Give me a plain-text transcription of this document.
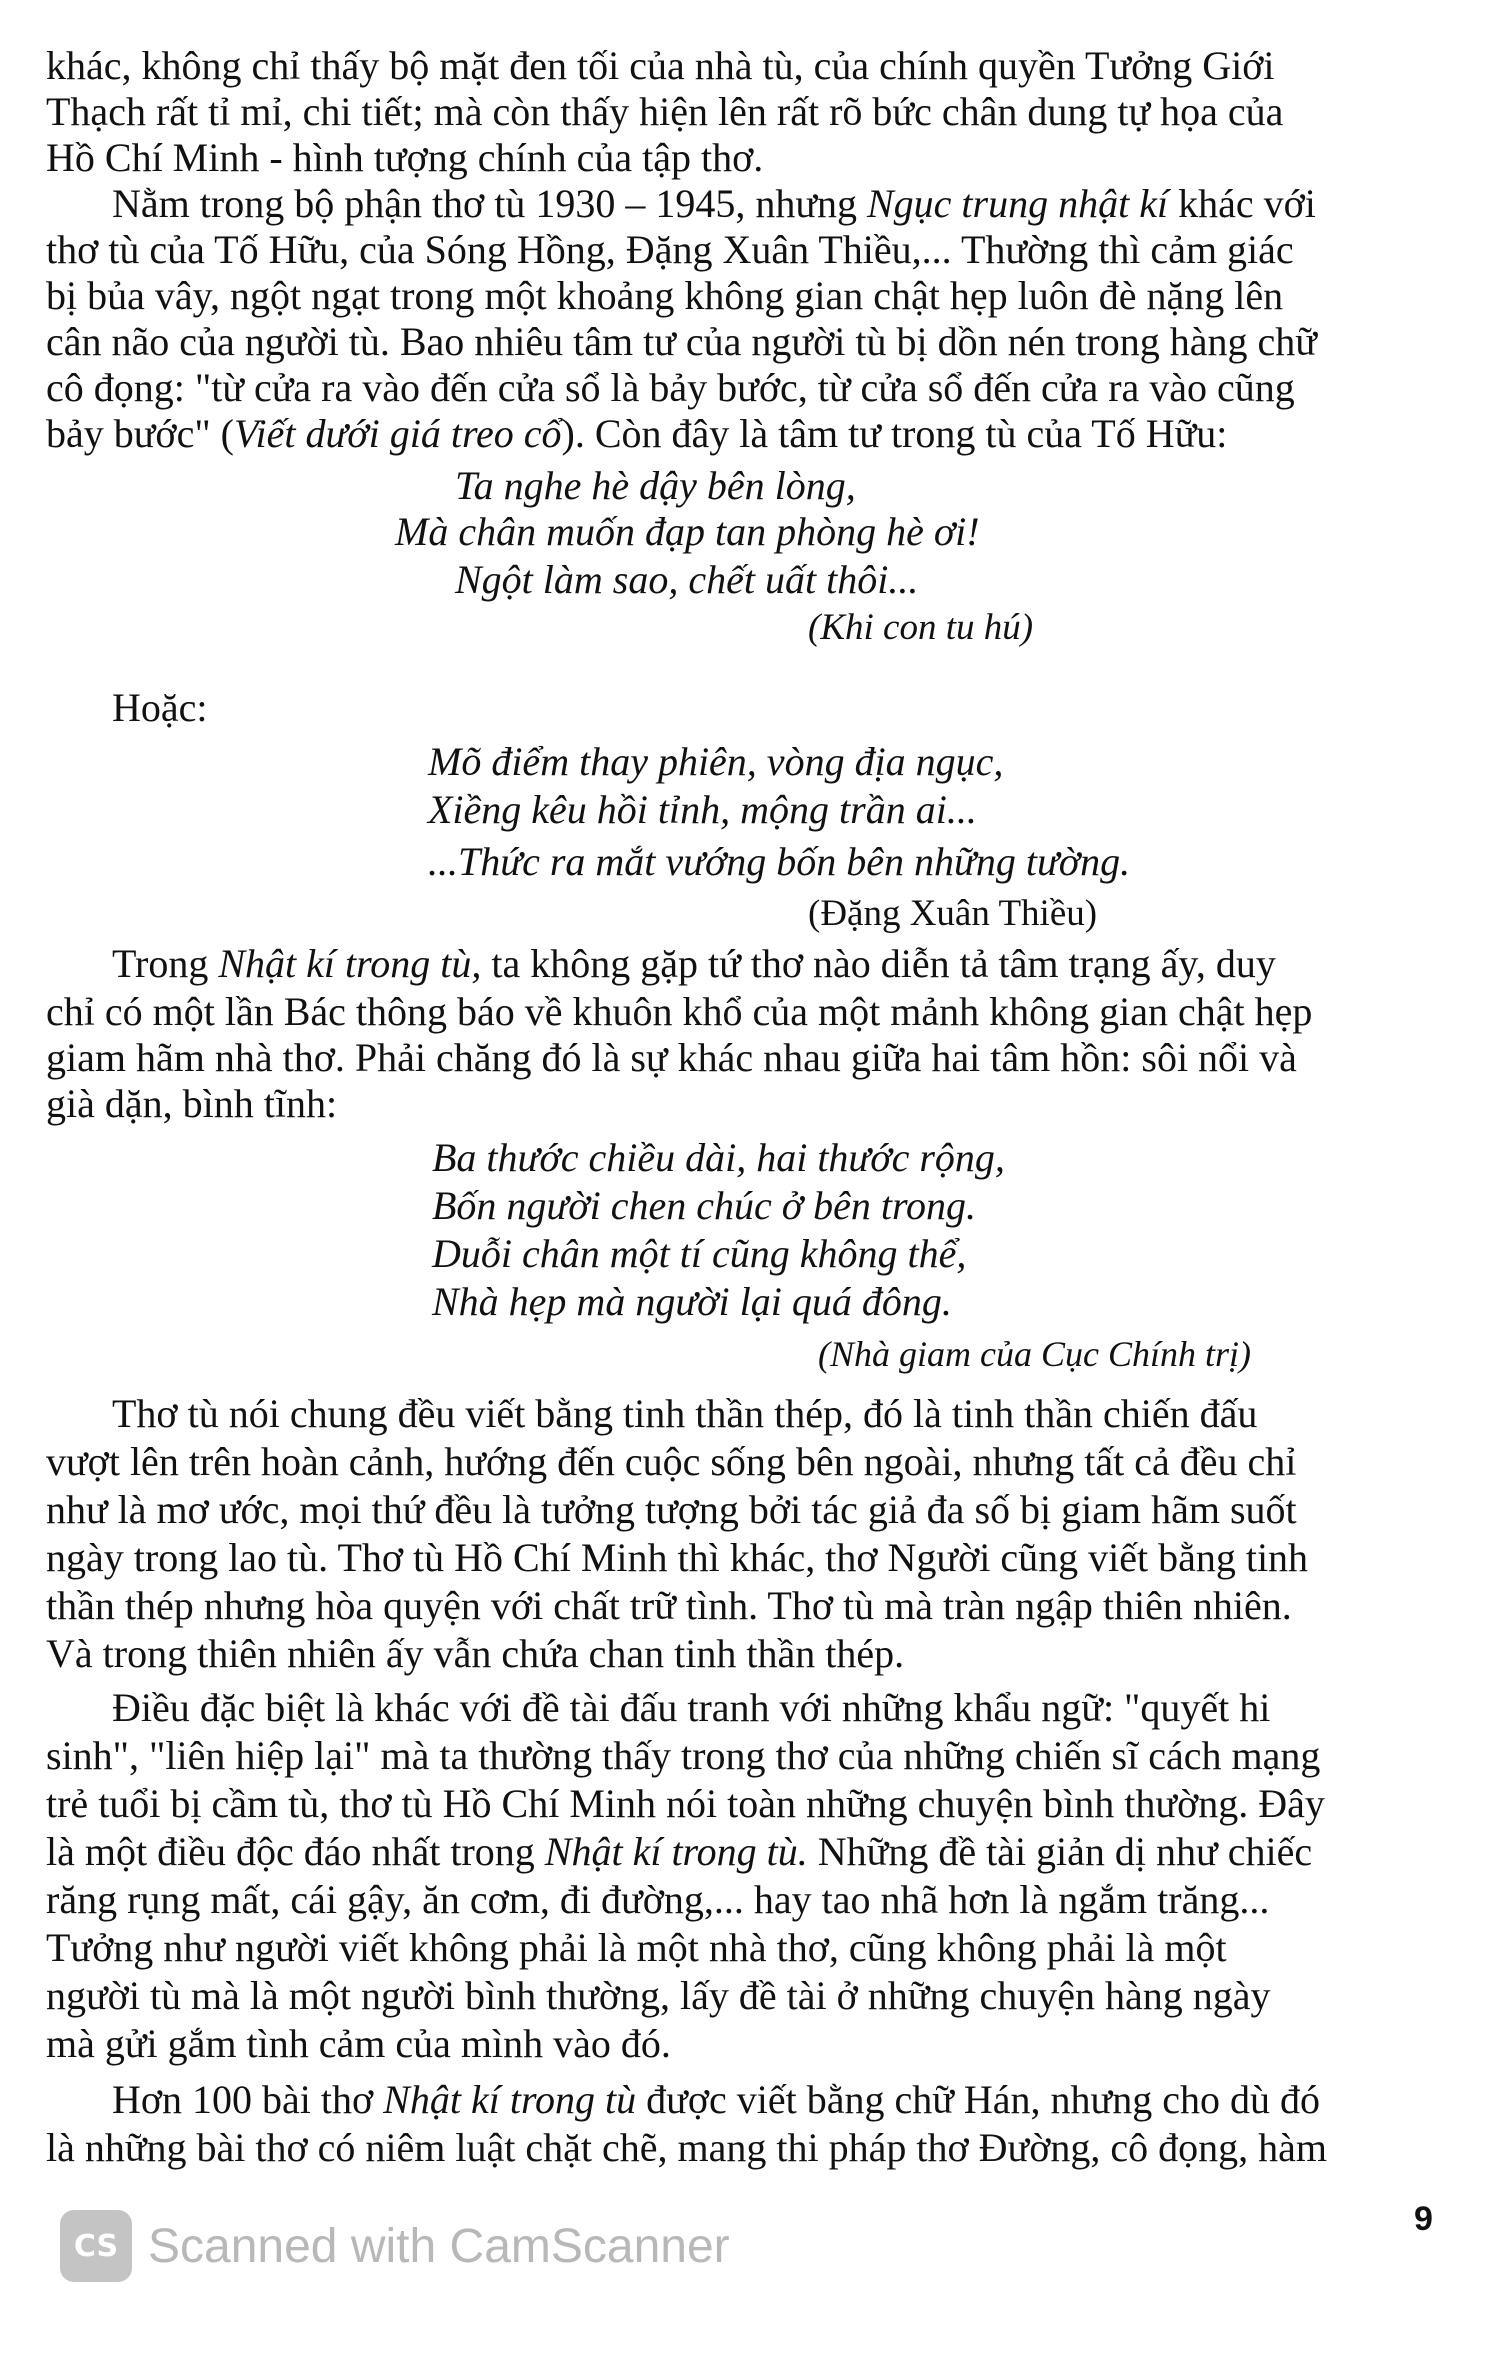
khác, không chỉ thấy bộ mặt đen tối của nhà tù, của chính quyền Tưởng Giới
Thạch rất tỉ mỉ, chi tiết; mà còn thấy hiện lên rất rõ bức chân dung tự họa của
Hồ Chí Minh - hình tượng chính của tập thơ.
Nằm trong bộ phận thơ tù 1930 – 1945, nhưng Ngục trung nhật kí khác với
thơ tù của Tố Hữu, của Sóng Hồng, Đặng Xuân Thiều,... Thường thì cảm giác
bị bủa vây, ngột ngạt trong một khoảng không gian chật hẹp luôn đè nặng lên
cân não của người tù. Bao nhiêu tâm tư của người tù bị dồn nén trong hàng chữ
cô đọng: "từ cửa ra vào đến cửa sổ là bảy bước, từ cửa sổ đến cửa ra vào cũng
bảy bước" (Viết dưới giá treo cổ). Còn đây là tâm tư trong tù của Tố Hữu:
Ta nghe hè dậy bên lòng,
Mà chân muốn đạp tan phòng hè ơi!
Ngột làm sao, chết uất thôi...
(Khi con tu hú)
Hoặc:
Mõ điểm thay phiên, vòng địa ngục,
Xiềng kêu hồi tỉnh, mộng trần ai...
...Thức ra mắt vướng bốn bên những tường.
(Đặng Xuân Thiều)
Trong Nhật kí trong tù, ta không gặp tứ thơ nào diễn tả tâm trạng ấy, duy
chỉ có một lần Bác thông báo về khuôn khổ của một mảnh không gian chật hẹp
giam hãm nhà thơ. Phải chăng đó là sự khác nhau giữa hai tâm hồn: sôi nổi và
già dặn, bình tĩnh:
Ba thước chiều dài, hai thước rộng,
Bốn người chen chúc ở bên trong.
Duỗi chân một tí cũng không thể,
Nhà hẹp mà người lại quá đông.
(Nhà giam của Cục Chính trị)
Thơ tù nói chung đều viết bằng tinh thần thép, đó là tinh thần chiến đấu
vượt lên trên hoàn cảnh, hướng đến cuộc sống bên ngoài, nhưng tất cả đều chỉ
như là mơ ước, mọi thứ đều là tưởng tượng bởi tác giả đa số bị giam hãm suốt
ngày trong lao tù. Thơ tù Hồ Chí Minh thì khác, thơ Người cũng viết bằng tinh
thần thép nhưng hòa quyện với chất trữ tình. Thơ tù mà tràn ngập thiên nhiên.
Và trong thiên nhiên ấy vẫn chứa chan tinh thần thép.
Điều đặc biệt là khác với đề tài đấu tranh với những khẩu ngữ: "quyết hi
sinh", "liên hiệp lại" mà ta thường thấy trong thơ của những chiến sĩ cách mạng
trẻ tuổi bị cầm tù, thơ tù Hồ Chí Minh nói toàn những chuyện bình thường. Đây
là một điều độc đáo nhất trong Nhật kí trong tù. Những đề tài giản dị như chiếc
răng rụng mất, cái gậy, ăn cơm, đi đường,... hay tao nhã hơn là ngắm trăng...
Tưởng như người viết không phải là một nhà thơ, cũng không phải là một
người tù mà là một người bình thường, lấy đề tài ở những chuyện hàng ngày
mà gửi gắm tình cảm của mình vào đó.
Hơn 100 bài thơ Nhật kí trong tù được viết bằng chữ Hán, nhưng cho dù đó
là những bài thơ có niêm luật chặt chẽ, mang thi pháp thơ Đường, cô đọng, hàm
CS Scanned with CamScanner
9
